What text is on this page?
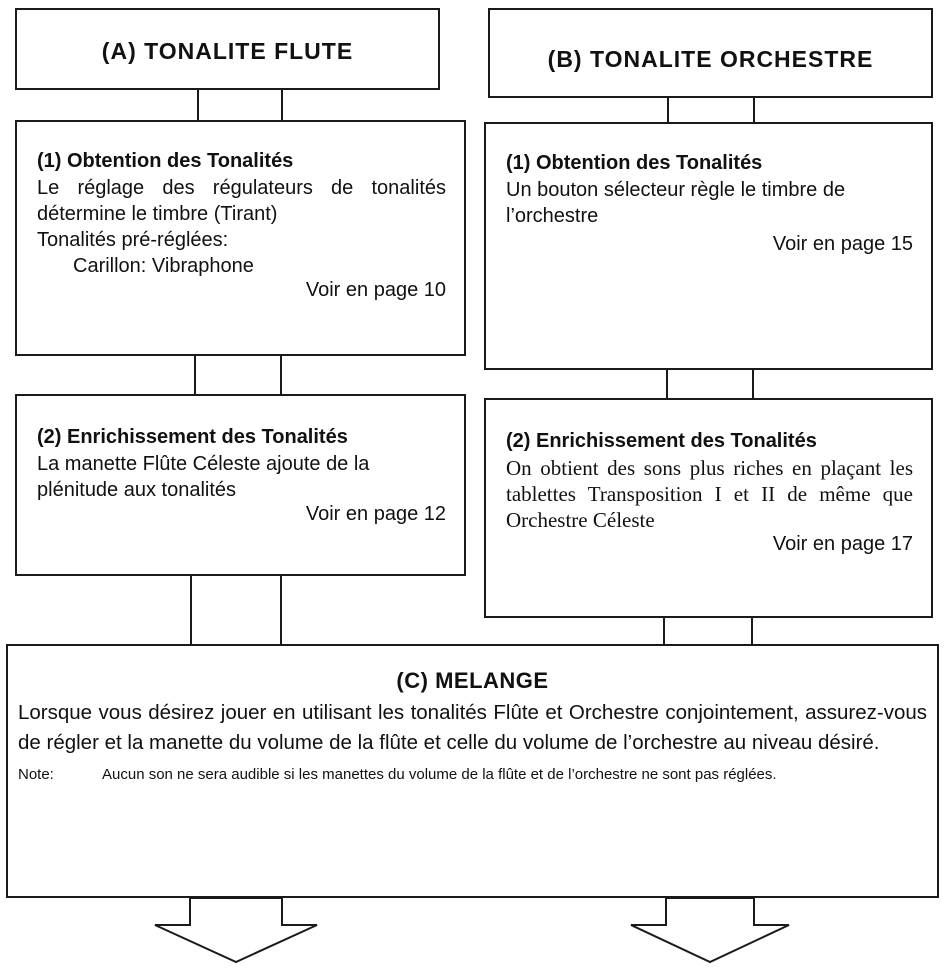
(A) TONALITE FLUTE

(1) Obtention des Tonalités

Le réglage des régulateurs de tonalités détermine le timbre (Tirant)

Tonalités pré-réglées:

Carillon: Vibraphone

Voir en page 10

(2) Enrichissement des Tonalités

La manette Flûte Céleste ajoute de la plénitude aux tonalités

Voir en page 12

(B) TONALITE ORCHESTRE

(1) Obtention des Tonalités

Un bouton sélecteur règle le timbre de l’orchestre

Voir en page 15

(2) Enrichissement des Tonalités

On obtient des sons plus riches en plaçant les tablettes Transposition I et II de même que Orchestre Céleste

Voir en page 17

(C) MELANGE

Lorsque vous désirez jouer en utilisant les tonalités Flûte et Orchestre conjointement, assurez-vous de régler et la manette du volume de la flûte et celle du volume de l’orchestre au niveau désiré.

Note:	Aucun son ne sera audible si les manettes du volume de la flûte et de l’orchestre ne sont pas réglées.
